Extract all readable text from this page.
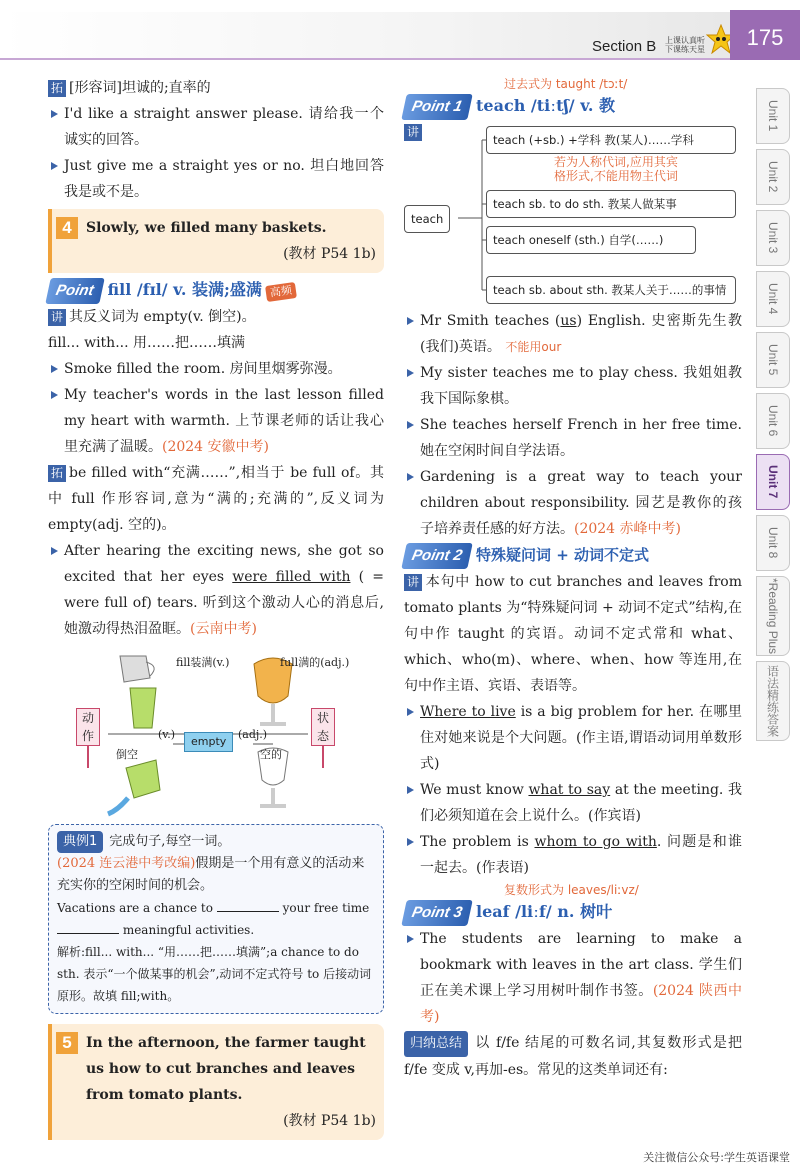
Section B 上课认真听
下课练天星	175
Unit 1
Unit 2
Unit 3
Unit 4
Unit 5
Unit 6
Unit 7
Unit 8
*Reading Plus
语法精练答案
拓 [形容词]坦诚的;直率的
I'd like a straight answer please. 请给我一个诚实的回答。
Just give me a straight yes or no. 坦白地回答我是或不是。
4	Slowly, we filled many baskets.
(教材 P54 1b)
Point fill /fɪl/ v. 装满;盛满 高频
讲 其反义词为 empty(v. 倒空)。
fill... with... 用……把……填满
Smoke filled the room. 房间里烟雾弥漫。
My teacher's words in the last lesson filled my heart with warmth. 上节课老师的话让我心里充满了温暖。(2024 安徽中考)
拓 be filled with“充满……”,相当于 be full of。其中 full 作形容词,意为“满的;充满的”,反义词为 empty(adj. 空的)。
After hearing the exciting news, she got so excited that her eyes were filled with ( = were full of) tears. 听到这个激动人心的消息后,她激动得热泪盈眶。(云南中考)
fill装满(v.)	full满的(adj.)
动作
状态
(v.)
empty
(adj.)
倒空	空的
典例1 完成句子,每空一词。
(2024 连云港中考改编)假期是一个用有意义的活动来充实你的空闲时间的机会。
Vacations are a chance to	your free time
meaningful activities.
解析:fill... with... “用……把……填满”;a chance to do sth. 表示“一个做某事的机会”,动词不定式符号 to 后接动词原形。故填 fill;with。
5	In the afternoon, the farmer taught us how to cut branches and leaves from tomato plants.
(教材 P54 1b)
过去式为 taught /tɔːt/
Point 1 teach /tiːtʃ/ v. 教
讲
teach
teach (+sb.) +学科 教(某人)……学科
若为人称代词,应用其宾
格形式,不能用物主代词
teach sb. to do sth. 教某人做某事
teach oneself (sth.) 自学(……)
teach sb. about sth. 教某人关于……的事情
Mr Smith teaches (us) English. 史密斯先生教(我们)英语。 不能用our
My sister teaches me to play chess. 我姐姐教我下国际象棋。
She teaches herself French in her free time. 她在空闲时间自学法语。
Gardening is a great way to teach your children about responsibility. 园艺是教你的孩子培养责任感的好方法。(2024 赤峰中考)
Point 2 特殊疑问词 + 动词不定式
讲 本句中 how to cut branches and leaves from tomato plants 为“特殊疑问词 + 动词不定式”结构,在句中作 taught 的宾语。动词不定式常和 what、which、who(m)、where、when、how 等连用,在句中作主语、宾语、表语等。
Where to live is a big problem for her. 在哪里住对她来说是个大问题。(作主语,谓语动词用单数形式)
We must know what to say at the meeting. 我们必须知道在会上说什么。(作宾语)
The problem is whom to go with. 问题是和谁一起去。(作表语)
复数形式为 leaves/liːvz/
Point 3 leaf /liːf/ n. 树叶
The students are learning to make a bookmark with leaves in the art class. 学生们正在美术课上学习用树叶制作书签。(2024 陕西中考)
归纳总结 以 f/fe 结尾的可数名词,其复数形式是把 f/fe 变成 v,再加-es。常见的这类单词还有:
关注微信公众号:学生英语课堂
